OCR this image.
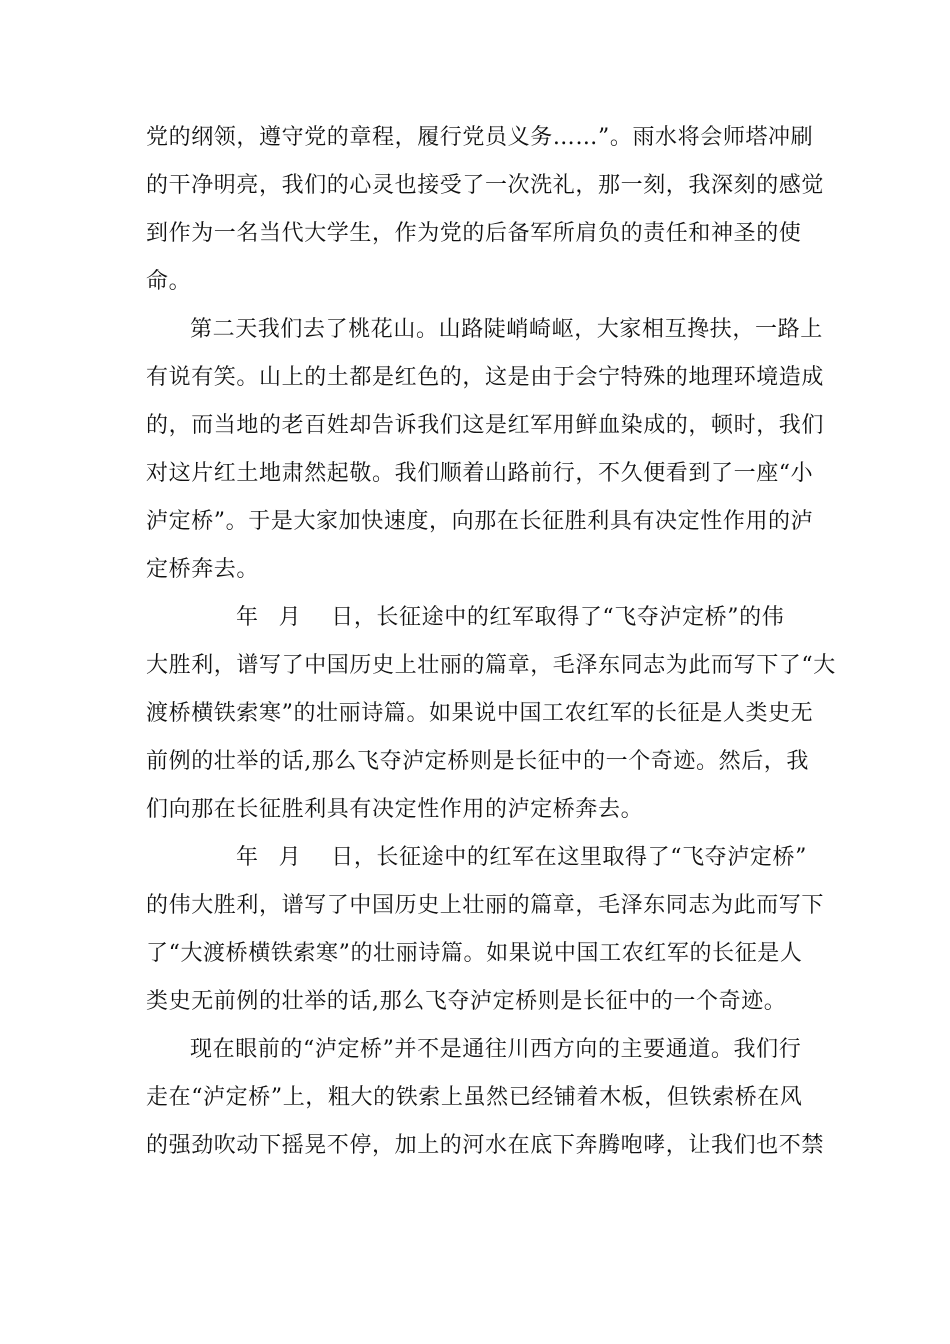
党的纲领，遵守党的章程，履行党员义务……”。雨水将会师塔冲刷
的干净明亮，我们的心灵也接受了一次洗礼，那一刻，我深刻的感觉
到作为一名当代大学生，作为党的后备军所肩负的责任和神圣的使
命。
第二天我们去了桃花山。山路陡峭崎岖，大家相互搀扶，一路上
有说有笑。山上的土都是红色的，这是由于会宁特殊的地理环境造成
的，而当地的老百姓却告诉我们这是红军用鲜血染成的，顿时，我们
对这片红土地肃然起敬。我们顺着山路前行，不久便看到了一座“小
泸定桥”。于是大家加快速度，向那在长征胜利具有决定性作用的泸
定桥奔去。
年 月 日，长征途中的红军取得了“飞夺泸定桥”的伟
大胜利，谱写了中国历史上壮丽的篇章，毛泽东同志为此而写下了“大
渡桥横铁索寒”的壮丽诗篇。如果说中国工农红军的长征是人类史无
前例的壮举的话,那么飞夺泸定桥则是长征中的一个奇迹。然后，我
们向那在长征胜利具有决定性作用的泸定桥奔去。
年 月 日，长征途中的红军在这里取得了“飞夺泸定桥”
的伟大胜利，谱写了中国历史上壮丽的篇章，毛泽东同志为此而写下
了“大渡桥横铁索寒”的壮丽诗篇。如果说中国工农红军的长征是人
类史无前例的壮举的话,那么飞夺泸定桥则是长征中的一个奇迹。
现在眼前的“泸定桥”并不是通往川西方向的主要通道。我们行
走在“泸定桥”上，粗大的铁索上虽然已经铺着木板，但铁索桥在风
的强劲吹动下摇晃不停，加上的河水在底下奔腾咆哮，让我们也不禁
